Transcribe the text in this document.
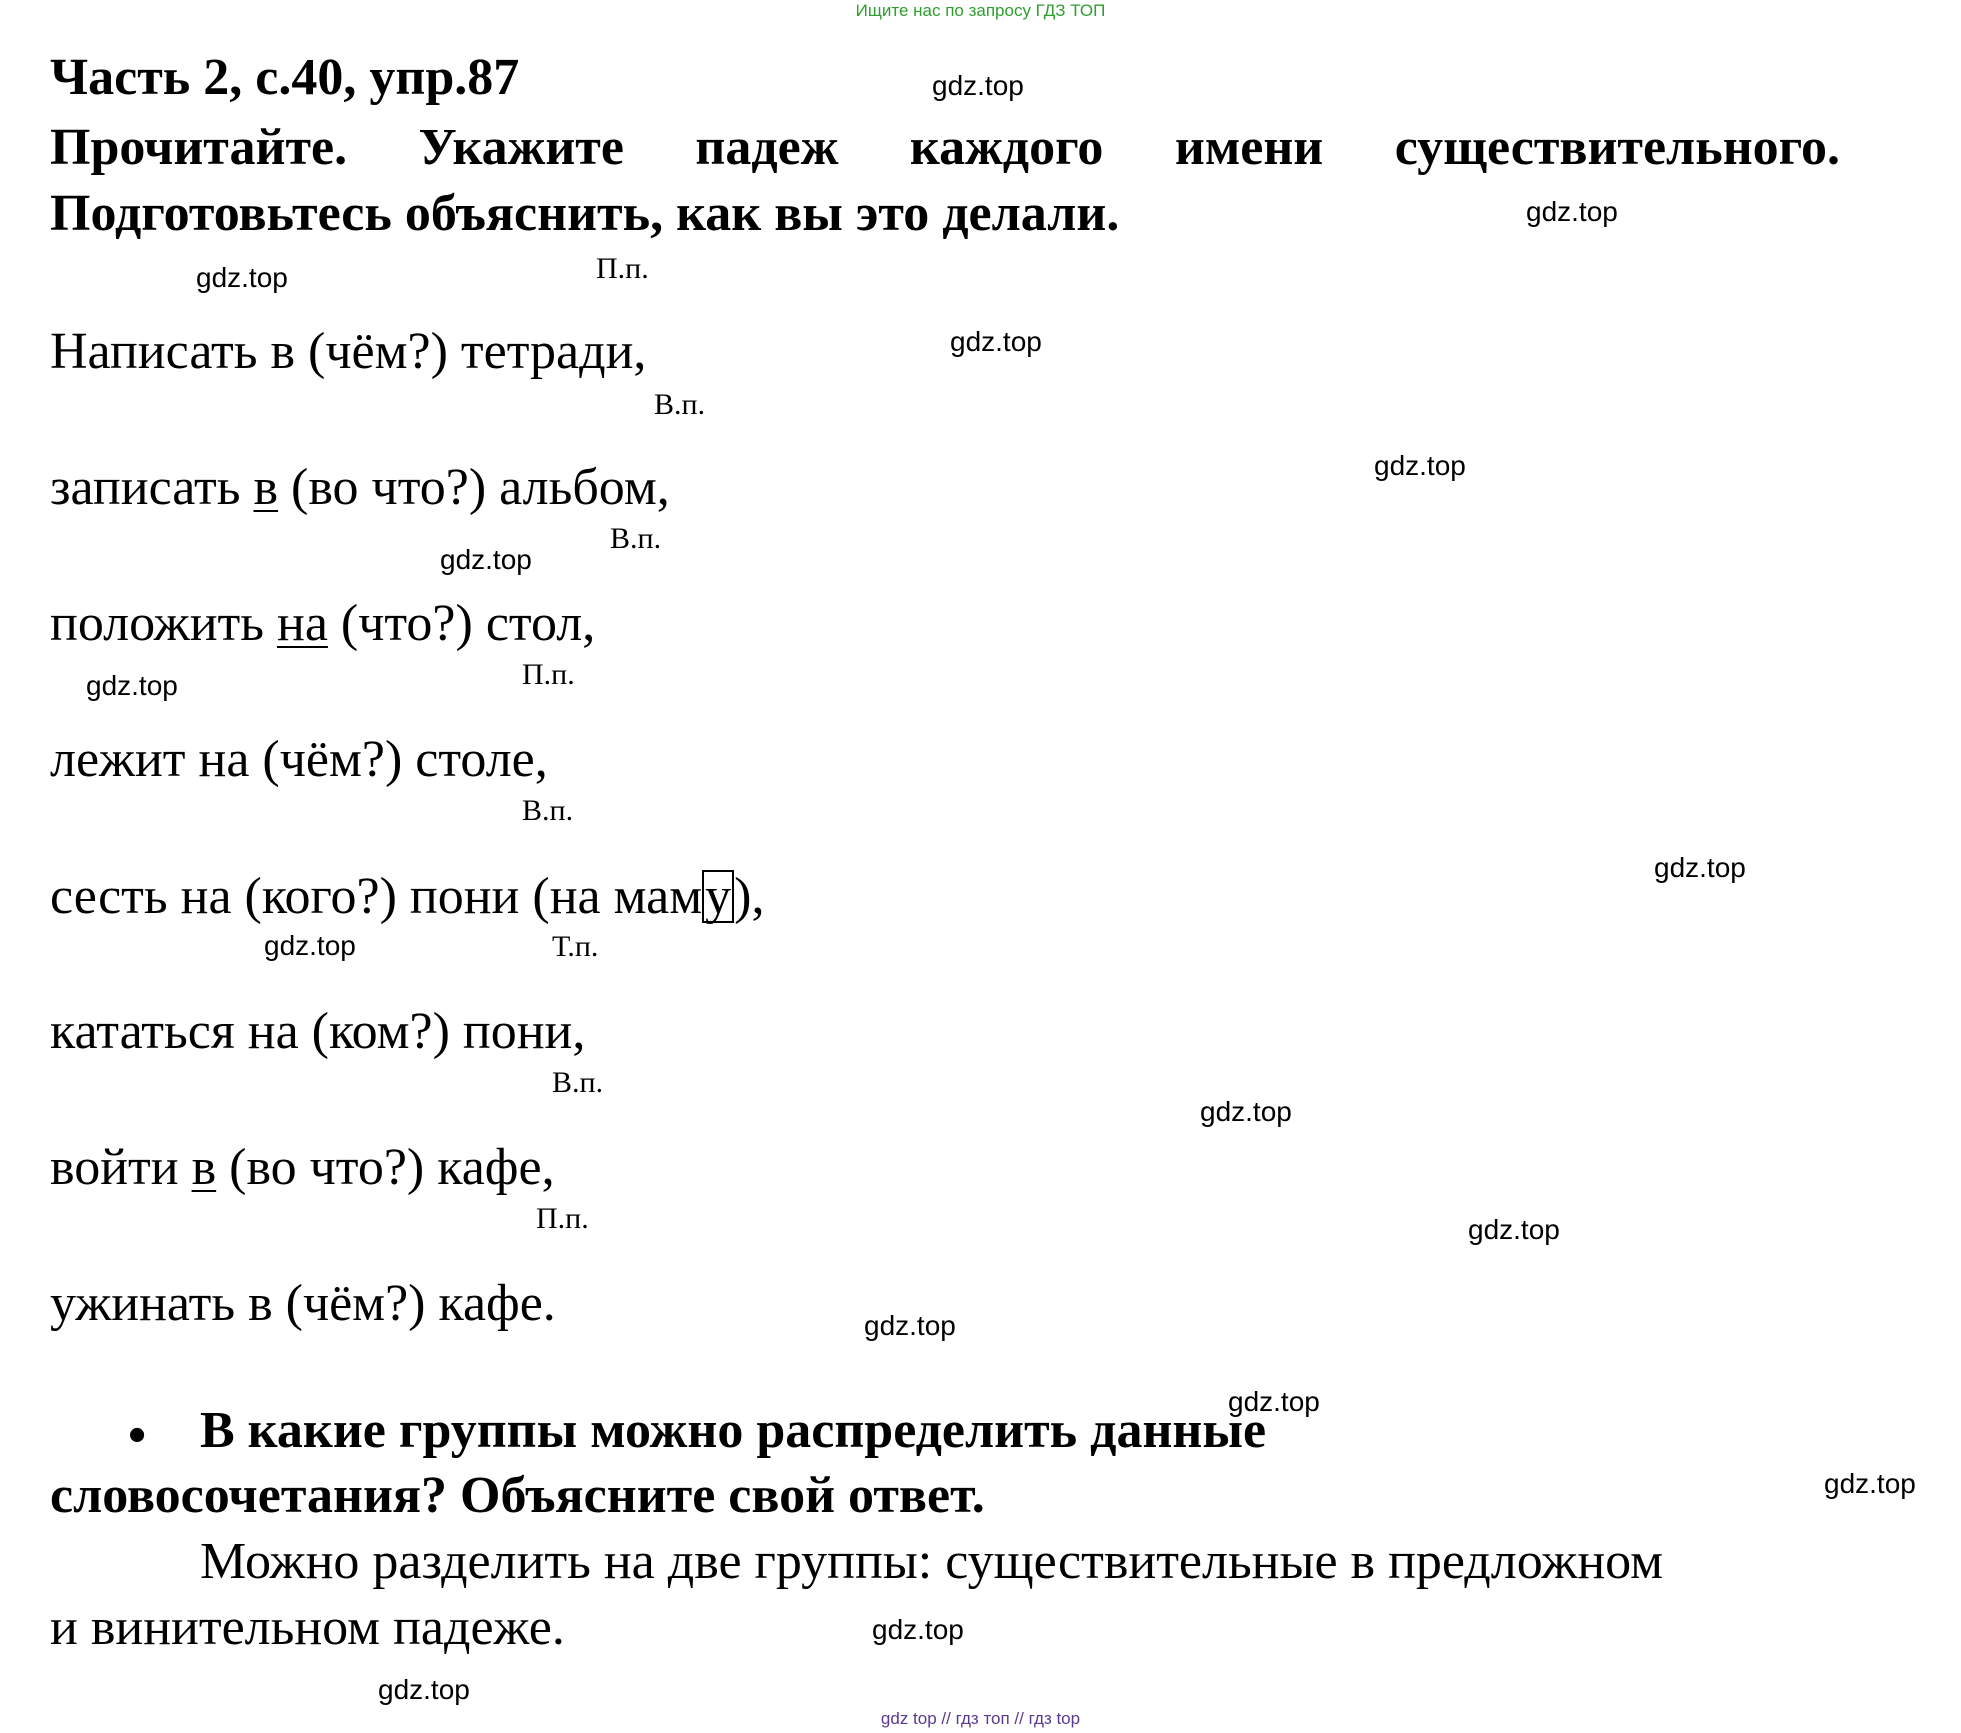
Ищите нас по запросу ГДЗ ТОП
Часть 2, с.40, упр.87
Прочитайте. Укажите падеж каждого имени существительного.
Подготовьтесь объяснить, как вы это делали.
П.п.
В.п.
В.п.
П.п.
В.п.
Т.п.
В.п.
П.п.
Написать в (чём?) тетради,
записать в (во что?) альбом,
положить на (что?) стол,
лежит на (чём?) столе,
сесть на (кого?) пони (на маму),
кататься на (ком?) пони,
войти в (во что?) кафе,
ужинать в (чём?) кафе.
• В какие группы можно распределить данные
словосочетания? Объясните свой ответ.
Можно разделить на две группы: существительные в предложном
и винительном падеже.
gdz.top
gdz.top
gdz.top
gdz.top
gdz.top
gdz.top
gdz.top
gdz.top
gdz.top
gdz.top
gdz.top
gdz.top
gdz.top
gdz.top
gdz.top
gdz.top
gdz top // гдз топ // гдз top
